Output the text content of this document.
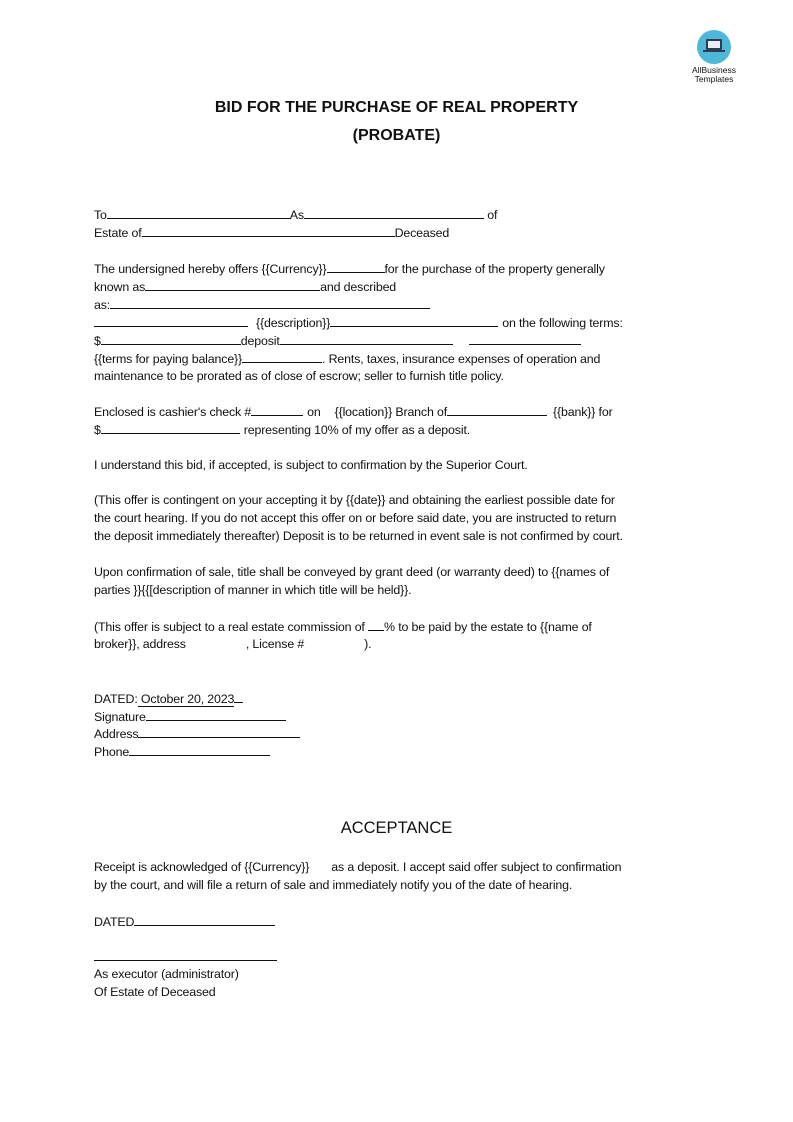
AllBusiness
Templates
BID FOR THE PURCHASE OF REAL PROPERTY
(PROBATE)
To	As	of
Estate of	Deceased
The undersigned hereby offers {{Currency}}	for the purchase of the property generally
known as	and described
as:
{{description}}	on the following terms:
$	deposit
{{terms for paying balance}}	. Rents, taxes, insurance expenses of operation and
maintenance to be prorated as of close of escrow; seller to furnish title policy.
Enclosed is cashier's check #	on {{location}} Branch of	{{bank}} for
$	representing 10% of my offer as a deposit.
I understand this bid, if accepted, is subject to confirmation by the Superior Court.
(This offer is contingent on your accepting it by {{date}} and obtaining the earliest possible date for
the court hearing. If you do not accept this offer on or before said date, you are instructed to return
the deposit immediately thereafter) Deposit is to be returned in event sale is not confirmed by court.
Upon confirmation of sale, title shall be conveyed by grant deed (or warranty deed) to {{names of
parties }}{{[description of manner in which title will be held}}.
(This offer is subject to a real estate commission of % to be paid by the estate to {{name of
broker}}, address	, License #	).
DATED: October 20, 2023
Signature
Address
Phone
ACCEPTANCE
Receipt is acknowledged of {{Currency}} as a deposit. I accept said offer subject to confirmation
by the court, and will file a return of sale and immediately notify you of the date of hearing.
DATED
As executor (administrator)
Of Estate of Deceased
